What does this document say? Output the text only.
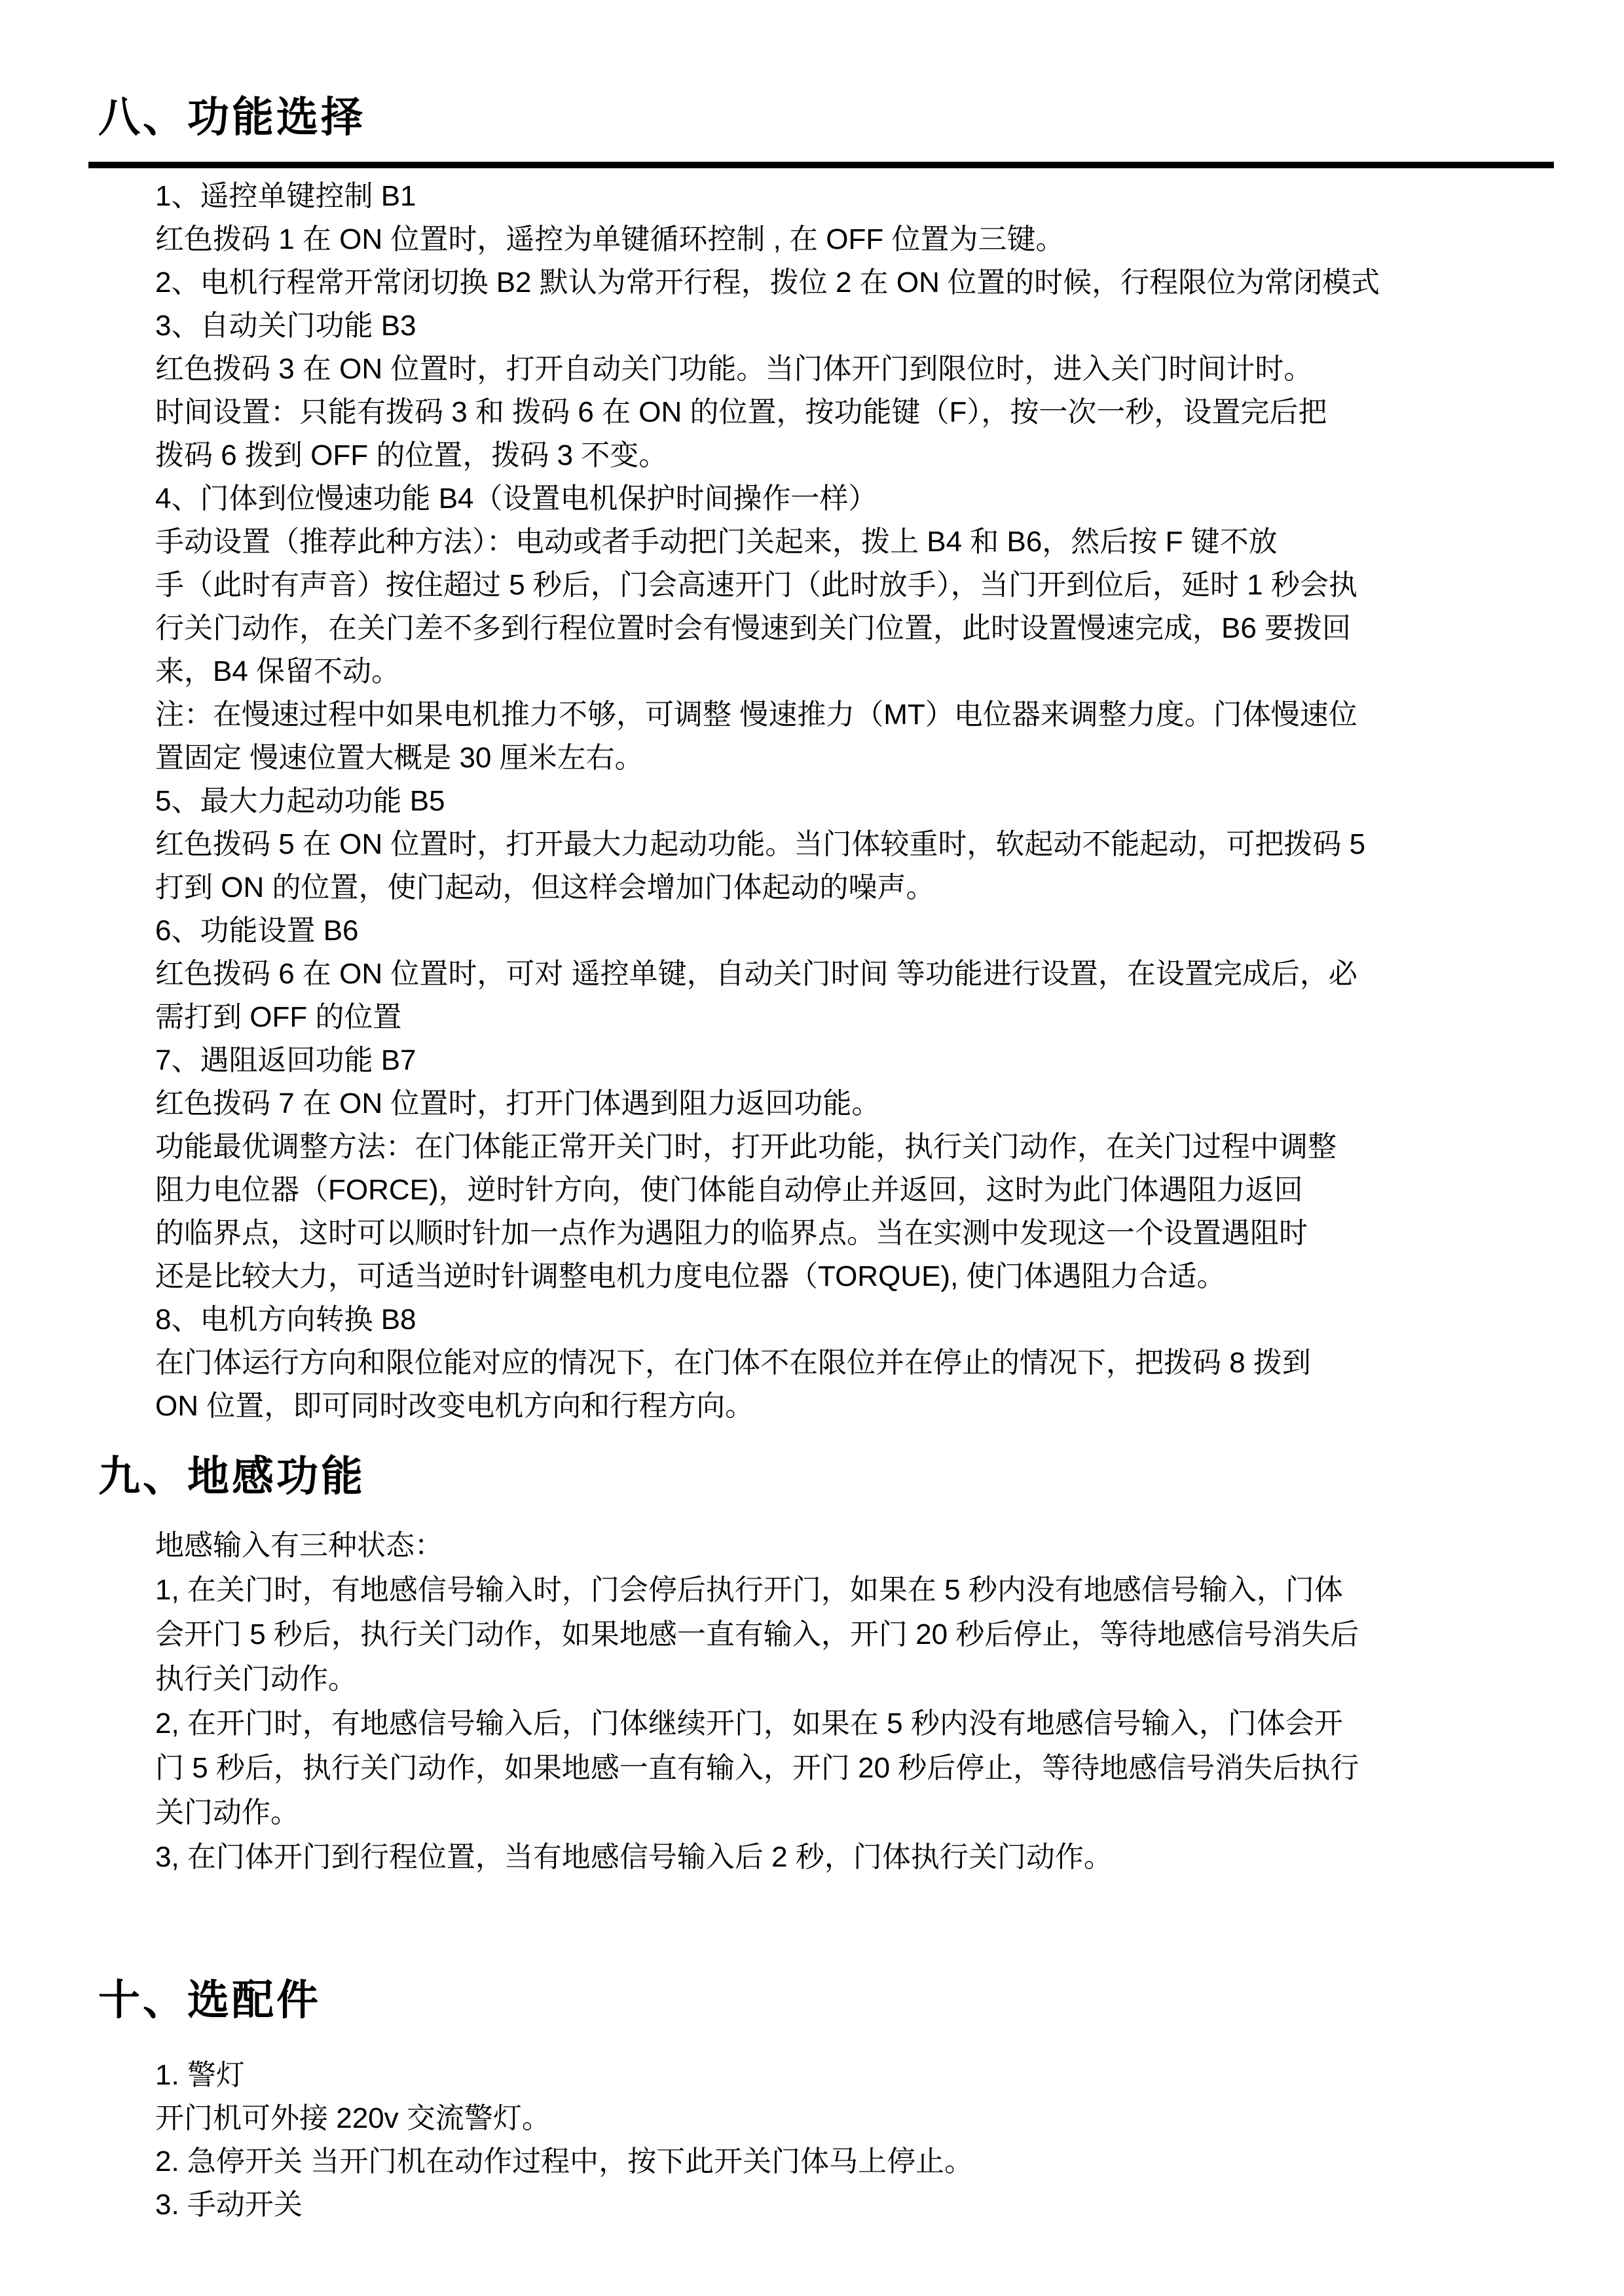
八、功能选择
1、遥控单键控制 B1
红色拨码 1 在 ON 位置时，遥控为单键循环控制 , 在 OFF 位置为三键。
2、电机行程常开常闭切换 B2 默认为常开行程，拨位 2 在 ON 位置的时候，行程限位为常闭模式
3、自动关门功能 B3
红色拨码 3 在 ON 位置时，打开自动关门功能。当门体开门到限位时，进入关门时间计时。
时间设置：只能有拨码 3 和 拨码 6 在 ON 的位置，按功能键（F），按一次一秒，设置完后把
拨码 6 拨到 OFF 的位置，拨码 3 不变。
4、门体到位慢速功能 B4（设置电机保护时间操作一样）
手动设置（推荐此种方法）：电动或者手动把门关起来，拨上 B4 和 B6，然后按 F 键不放
手（此时有声音）按住超过 5 秒后，门会高速开门（此时放手），当门开到位后，延时 1 秒会执
行关门动作，在关门差不多到行程位置时会有慢速到关门位置，此时设置慢速完成，B6 要拨回
来，B4 保留不动。
注：在慢速过程中如果电机推力不够，可调整 慢速推力（MT）电位器来调整力度。门体慢速位
置固定 慢速位置大概是 30 厘米左右。
5、最大力起动功能 B5
红色拨码 5 在 ON 位置时，打开最大力起动功能。当门体较重时，软起动不能起动，可把拨码 5
打到 ON 的位置，使门起动，但这样会增加门体起动的噪声。
6、功能设置 B6
红色拨码 6 在 ON 位置时，可对 遥控单键，自动关门时间 等功能进行设置，在设置完成后，必
需打到 OFF 的位置
7、遇阻返回功能 B7
红色拨码 7 在 ON 位置时，打开门体遇到阻力返回功能。
功能最优调整方法：在门体能正常开关门时，打开此功能，执行关门动作，在关门过程中调整
阻力电位器（FORCE)，逆时针方向，使门体能自动停止并返回，这时为此门体遇阻力返回
的临界点，这时可以顺时针加一点作为遇阻力的临界点。当在实测中发现这一个设置遇阻时
还是比较大力，可适当逆时针调整电机力度电位器（TORQUE), 使门体遇阻力合适。
8、电机方向转换 B8
在门体运行方向和限位能对应的情况下，在门体不在限位并在停止的情况下，把拨码 8 拨到
ON 位置，即可同时改变电机方向和行程方向。
九、地感功能
地感输入有三种状态：
1, 在关门时，有地感信号输入时，门会停后执行开门，如果在 5 秒内没有地感信号输入，门体
会开门 5 秒后，执行关门动作，如果地感一直有输入，开门 20 秒后停止，等待地感信号消失后
执行关门动作。
2, 在开门时，有地感信号输入后，门体继续开门，如果在 5 秒内没有地感信号输入，门体会开
门 5 秒后，执行关门动作，如果地感一直有输入，开门 20 秒后停止，等待地感信号消失后执行
关门动作。
3, 在门体开门到行程位置，当有地感信号输入后 2 秒，门体执行关门动作。
十、选配件
1. 警灯
开门机可外接 220v 交流警灯。
2. 急停开关 当开门机在动作过程中，按下此开关门体马上停止。
3. 手动开关
